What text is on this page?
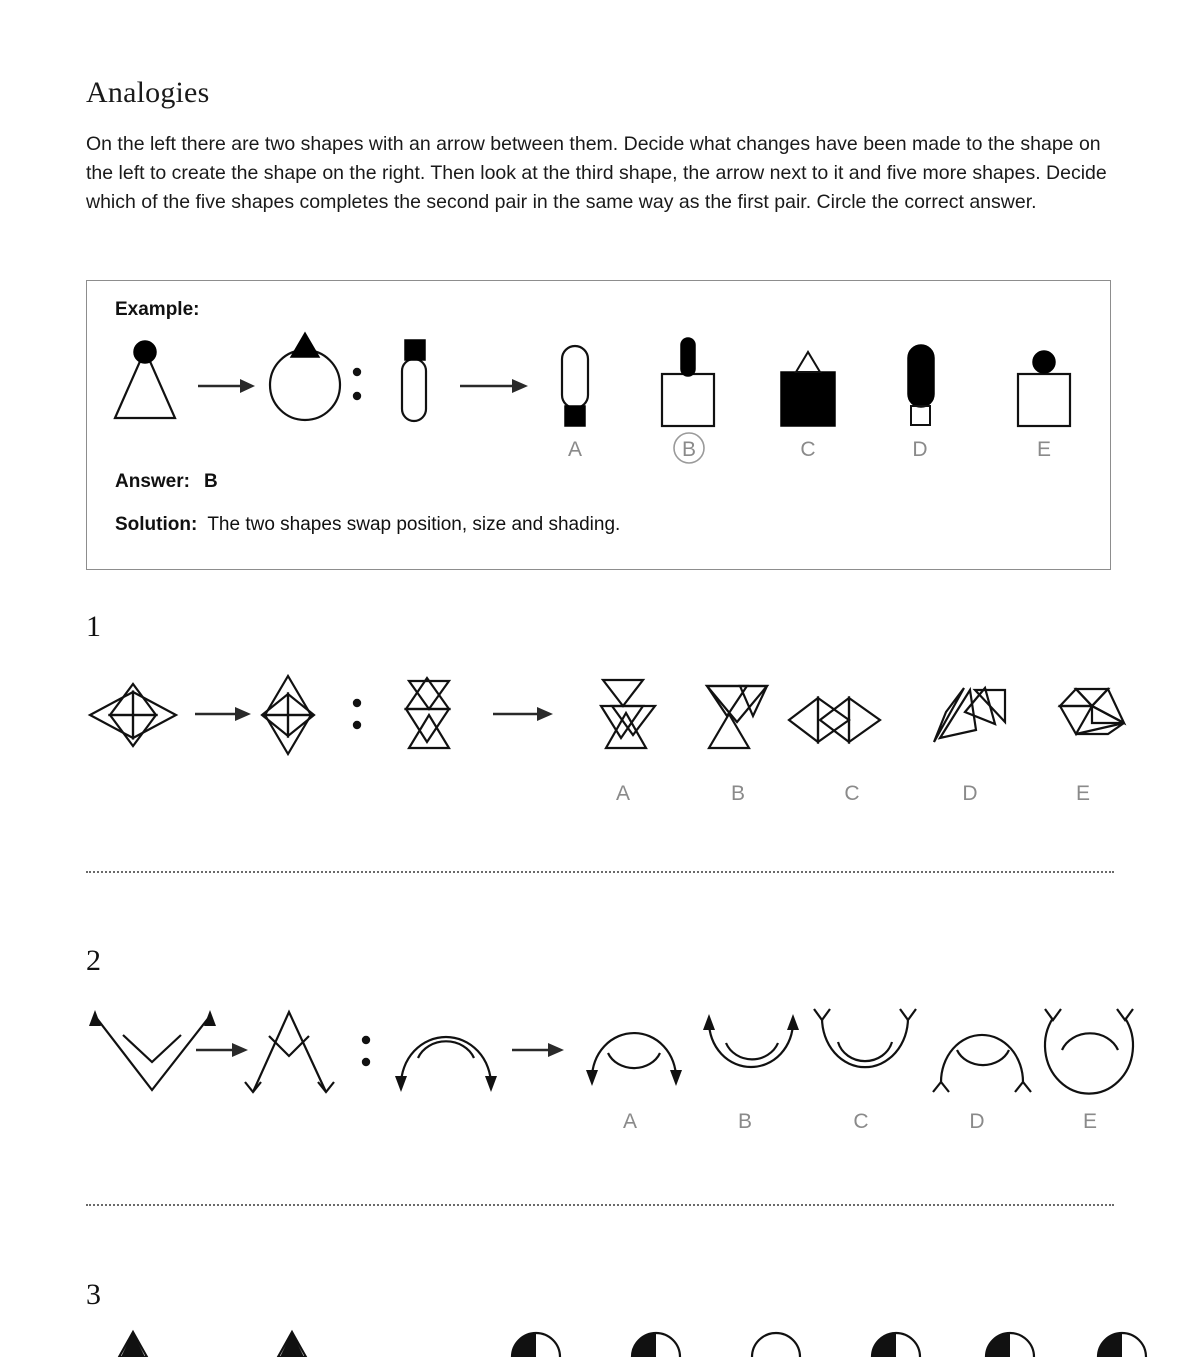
Analogies
On the left there are two shapes with an arrow between them. Decide what changes have been made to the shape on the left to create the shape on the right. Then look at the third shape, the arrow next to it and five more shapes. Decide which of the five shapes completes the second pair in the same way as the first pair. Circle the correct answer.
Example:
Answer: B
Solution: The two shapes swap position, size and shading.
A	B	C	D	E
1
A	B	C	D	E
2
A	B	C	D	E
3
